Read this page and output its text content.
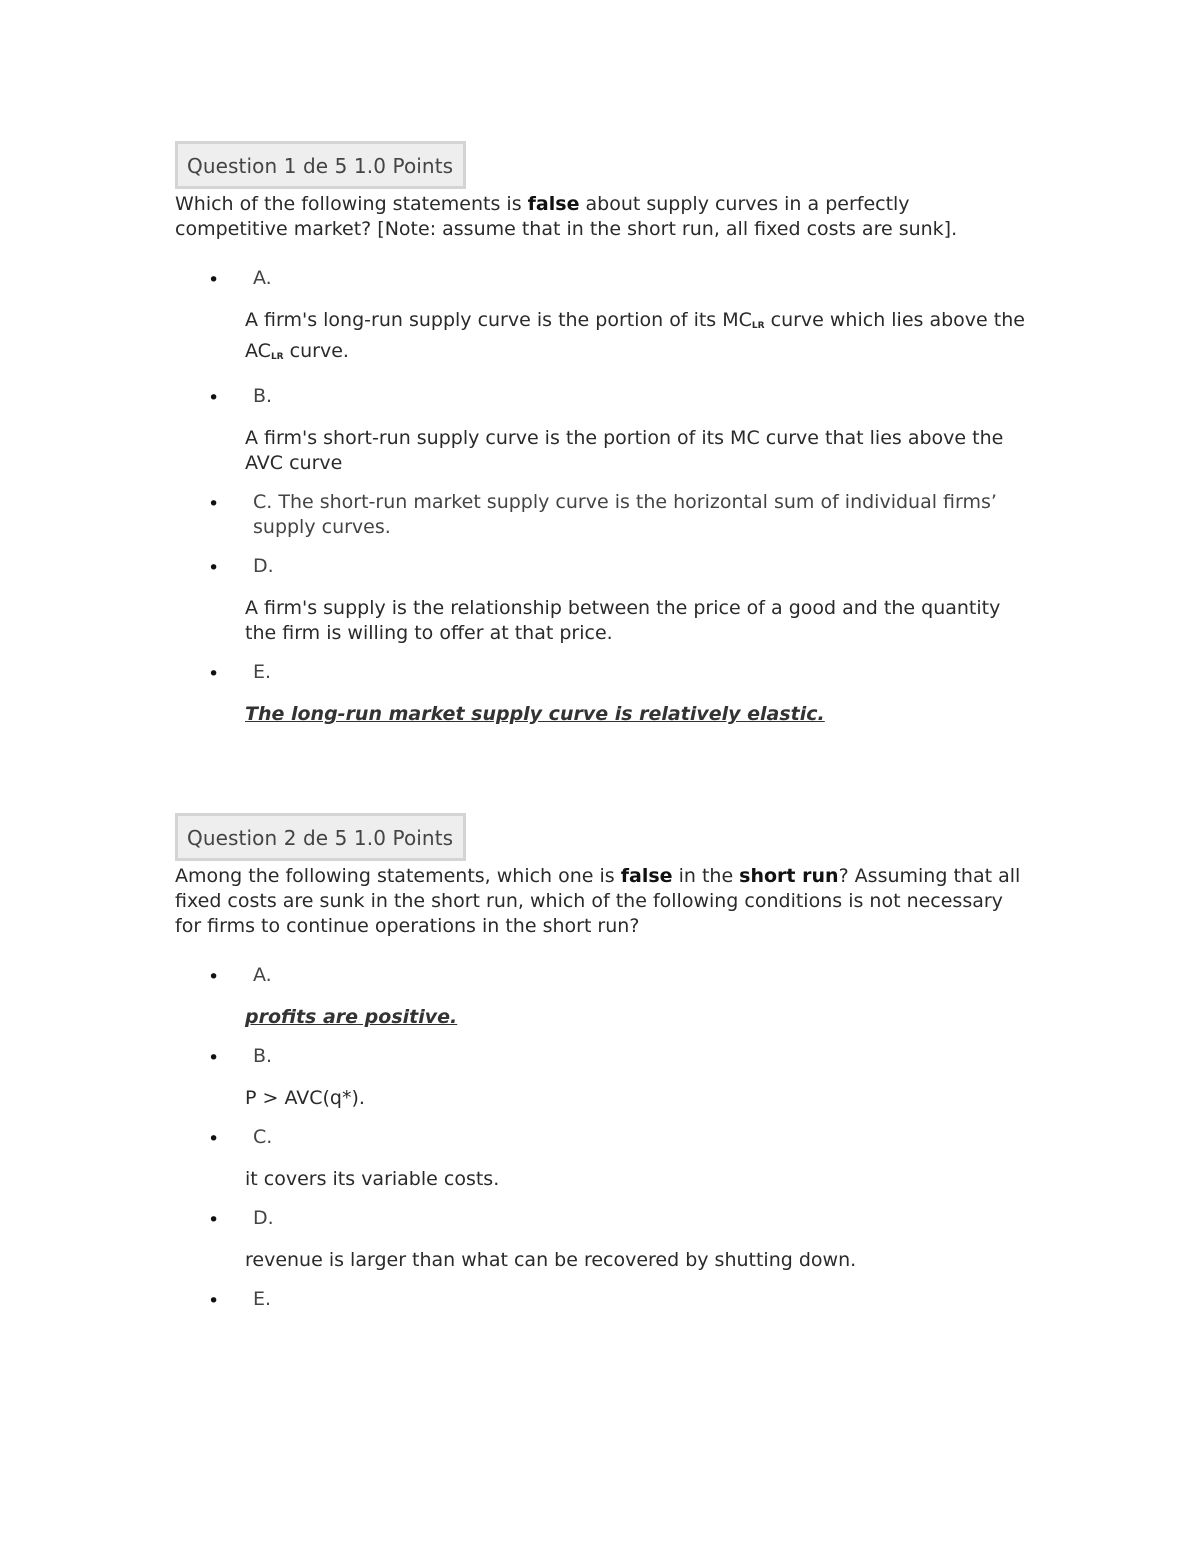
Question 1 de 5 1.0 Points

Which of the following statements is false about supply curves in a perfectly competitive market? [Note: assume that in the short run, all fixed costs are sunk].

•	A.
A firm's long-run supply curve is the portion of its $MC_{LR}$ curve which lies above the $AC_{LR}$ curve.
•	B.
A firm's short-run supply curve is the portion of its MC curve that lies above the AVC curve
•	C. The short-run market supply curve is the horizontal sum of individual firms’ supply curves.
•	D.
A firm's supply is the relationship between the price of a good and the quantity the firm is willing to offer at that price.
•	E.
The long-run market supply curve is relatively elastic.
Question 2 de 5 1.0 Points

Among the following statements, which one is false in the short run? Assuming that all fixed costs are sunk in the short run, which of the following conditions is not necessary for firms to continue operations in the short run?

•	A.
profits are positive.
•	B.
P > AVC(q*).
•	C.
it covers its variable costs.
•	D.
revenue is larger than what can be recovered by shutting down.
•	E.
